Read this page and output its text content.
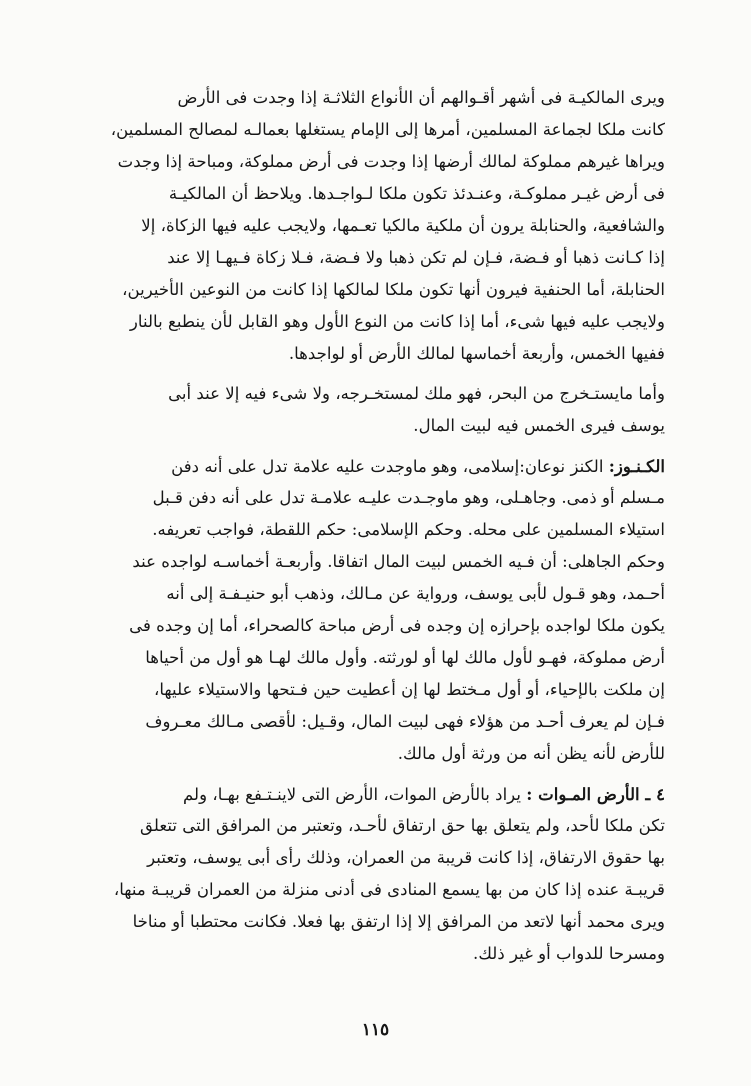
ويرى المالكيـة فى أشهر أقـوالهم أن الأنواع الثلاثـة إذا وجدت فى الأرض
كانت ملكا لجماعة المسلمين، أمرها إلى الإمام يستغلها بعمالـه لمصالح المسلمين،
ويراها غيرهم مملوكة لمالك أرضها إذا وجدت فى أرض مملوكة، ومباحة إذا وجدت
فى أرض غيـر مملوكـة، وعنـدئذ تكون ملكا لـواجـدها. ويلاحظ أن المالكيـة
والشافعية، والحنابلة يرون أن ملكية مالكيا تعـمها، ولايجب عليه فيها الزكاة، إلا
إذا كـانت ذهبا أو فـضة، فـإن لم تكن ذهبا ولا فـضة، فـلا زكاة فـيهـا إلا عند
الحنابلة، أما الحنفية فيرون أنها تكون ملكا لمالكها إذا كانت من النوعين الأخيرين،
ولايجب عليه فيها شىء، أما إذا كانت من النوع الأول وهو القابل لأن ينطبع بالنار
ففيها الخمس، وأربعة أخماسها لمالك الأرض أو لواجدها.
وأما مايستـخرج من البحر، فهو ملك لمستخـرجه، ولا شىء فيه إلا عند أبى
يوسف فيرى الخمس فيه لبيت المال.
الكـنـوز: الكنز نوعان:إسلامى، وهو ماوجدت عليه علامة تدل على أنه دفن
مـسلم أو ذمى. وجاهـلى، وهو ماوجـدت عليـه علامـة تدل على أنه دفن قـبل
استيلاء المسلمين على محله. وحكم الإسلامى: حكم اللقطة، فواجب تعريفه.
وحكم الجاهلى: أن فـيه الخمس لبيت المال اتفاقا. وأربعـة أخماسـه لواجده عند
أحـمد، وهو قـول لأبى يوسف، ورواية عن مـالك، وذهب أبو حنيـفـة إلى أنه
يكون ملكا لواجده بإحرازه إن وجده فى أرض مباحة كالصحراء، أما إن وجده فى
أرض مملوكة، فهـو لأول مالك لها أو لورثته. وأول مالك لهـا هو أول من أحياها
إن ملكت بالإحياء، أو أول مـختط لها إن أعطيت حين فـتحها والاستيلاء عليها،
فـإن لم يعرف أحـد من هؤلاء فهى لبيت المال، وقـيل: لأقصى مـالك معـروف
للأرض لأنه يظن أنه من ورثة أول مالك.
٤ ـ الأرض المـوات : يراد بالأرض الموات، الأرض التى لاينـتـفع بهـا، ولم
تكن ملكا لأحد، ولم يتعلق بها حق ارتفاق لأحـد، وتعتبر من المرافق التى تتعلق
بها حقوق الارتفاق، إذا كانت قريبة من العمران، وذلك رأى أبى يوسف، وتعتبر
قريبـة عنده إذا كان من بها يسمع المنادى فى أدنى منزلة من العمران قريبـة منها،
ويرى محمد أنها لاتعد من المرافق إلا إذا ارتفق بها فعلا. فكانت محتطبا أو مناخا
ومسرحا للدواب أو غير ذلك.
١١٥
